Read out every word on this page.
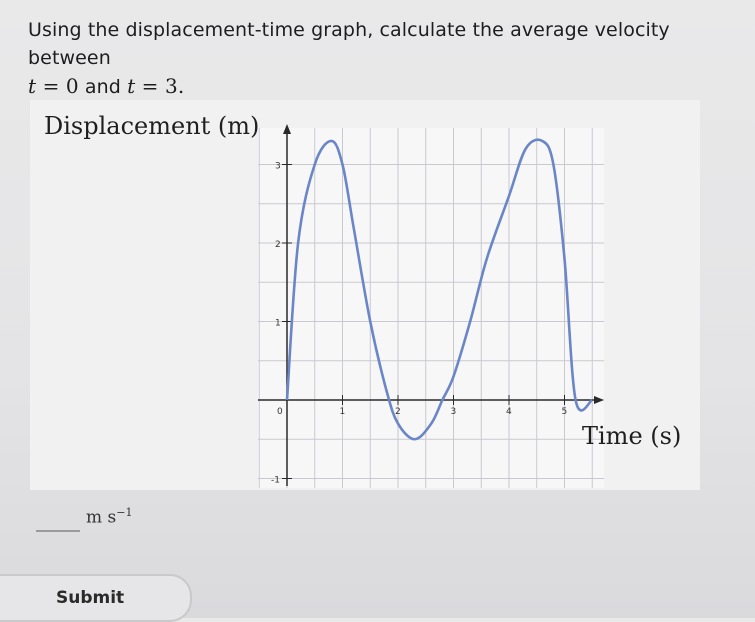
Using the displacement-time graph, calculate the average velocity between
t = 0 and t = 3.
0	1	2	3	4	5
-1
1
2
3
Displacement (m)
Time (s)
m $s^{-1}$
Submit
